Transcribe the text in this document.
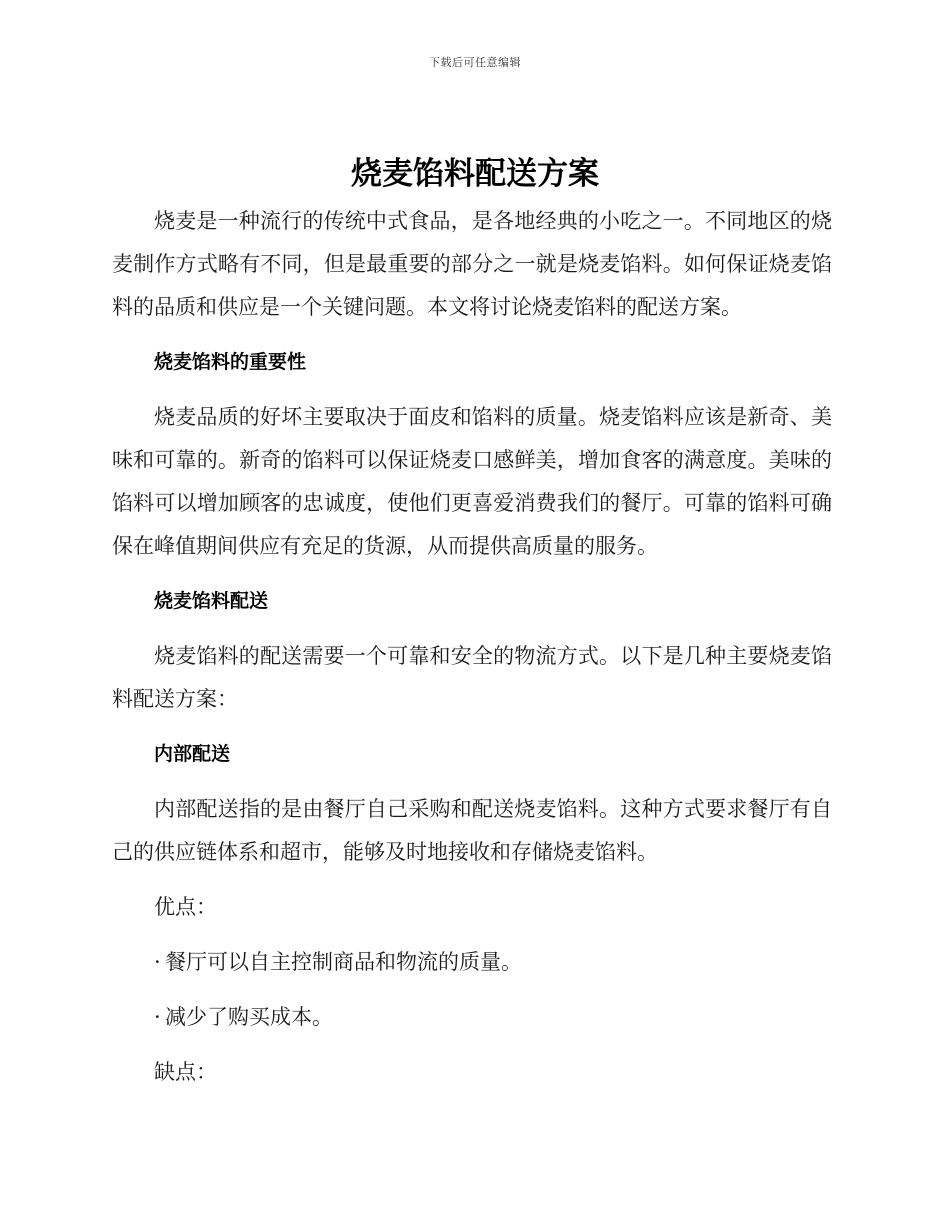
下载后可任意编辑
烧麦馅料配送方案

烧麦是一种流行的传统中式食品，是各地经典的小吃之一。不同地区的烧麦制作方式略有不同，但是最重要的部分之一就是烧麦馅料。如何保证烧麦馅料的品质和供应是一个关键问题。本文将讨论烧麦馅料的配送方案。

烧麦馅料的重要性

烧麦品质的好坏主要取决于面皮和馅料的质量。烧麦馅料应该是新奇、美味和可靠的。新奇的馅料可以保证烧麦口感鲜美，增加食客的满意度。美味的馅料可以增加顾客的忠诚度，使他们更喜爱消费我们的餐厅。可靠的馅料可确保在峰值期间供应有充足的货源，从而提供高质量的服务。

烧麦馅料配送

烧麦馅料的配送需要一个可靠和安全的物流方式。以下是几种主要烧麦馅料配送方案：

内部配送

内部配送指的是由餐厅自己采购和配送烧麦馅料。这种方式要求餐厅有自己的供应链体系和超市，能够及时地接收和存储烧麦馅料。

优点：

· 餐厅可以自主控制商品和物流的质量。

· 减少了购买成本。

缺点：
